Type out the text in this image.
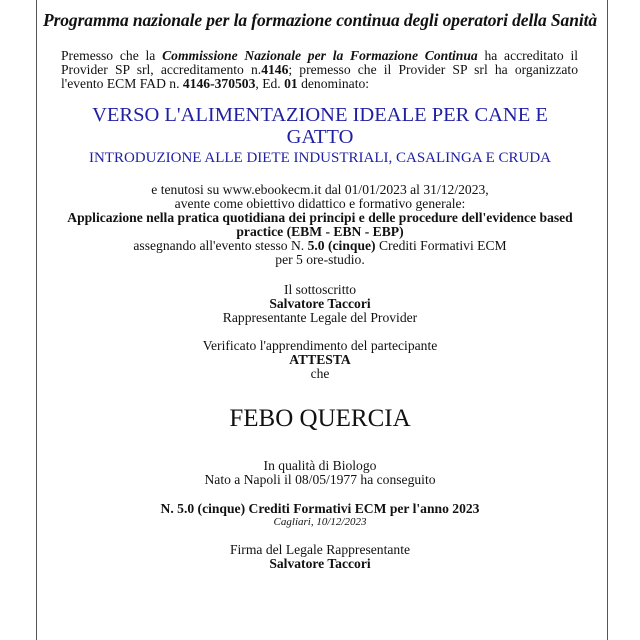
Programma nazionale per la formazione continua degli operatori della Sanità
Premesso che la Commissione Nazionale per la Formazione Continua ha accreditato il Provider SP srl, accreditamento n.4146; premesso che il Provider SP srl ha organizzato l'evento ECM FAD n. 4146-370503, Ed. 01 denominato:
VERSO L'ALIMENTAZIONE IDEALE PER CANE E
GATTO
INTRODUZIONE ALLE DIETE INDUSTRIALI, CASALINGA E CRUDA
e tenutosi su www.ebookecm.it dal 01/01/2023 al 31/12/2023,
avente come obiettivo didattico e formativo generale:
Applicazione nella pratica quotidiana dei principi e delle procedure dell'evidence based
practice (EBM - EBN - EBP)
assegnando all'evento stesso N. 5.0 (cinque) Crediti Formativi ECM
per 5 ore-studio.
Il sottoscritto
Salvatore Taccori
Rappresentante Legale del Provider
Verificato l'apprendimento del partecipante
ATTESTA
che
FEBO QUERCIA
In qualità di Biologo
Nato a Napoli il 08/05/1977 ha conseguito
N. 5.0 (cinque) Crediti Formativi ECM per l'anno 2023
Cagliari, 10/12/2023
Firma del Legale Rappresentante
Salvatore Taccori
